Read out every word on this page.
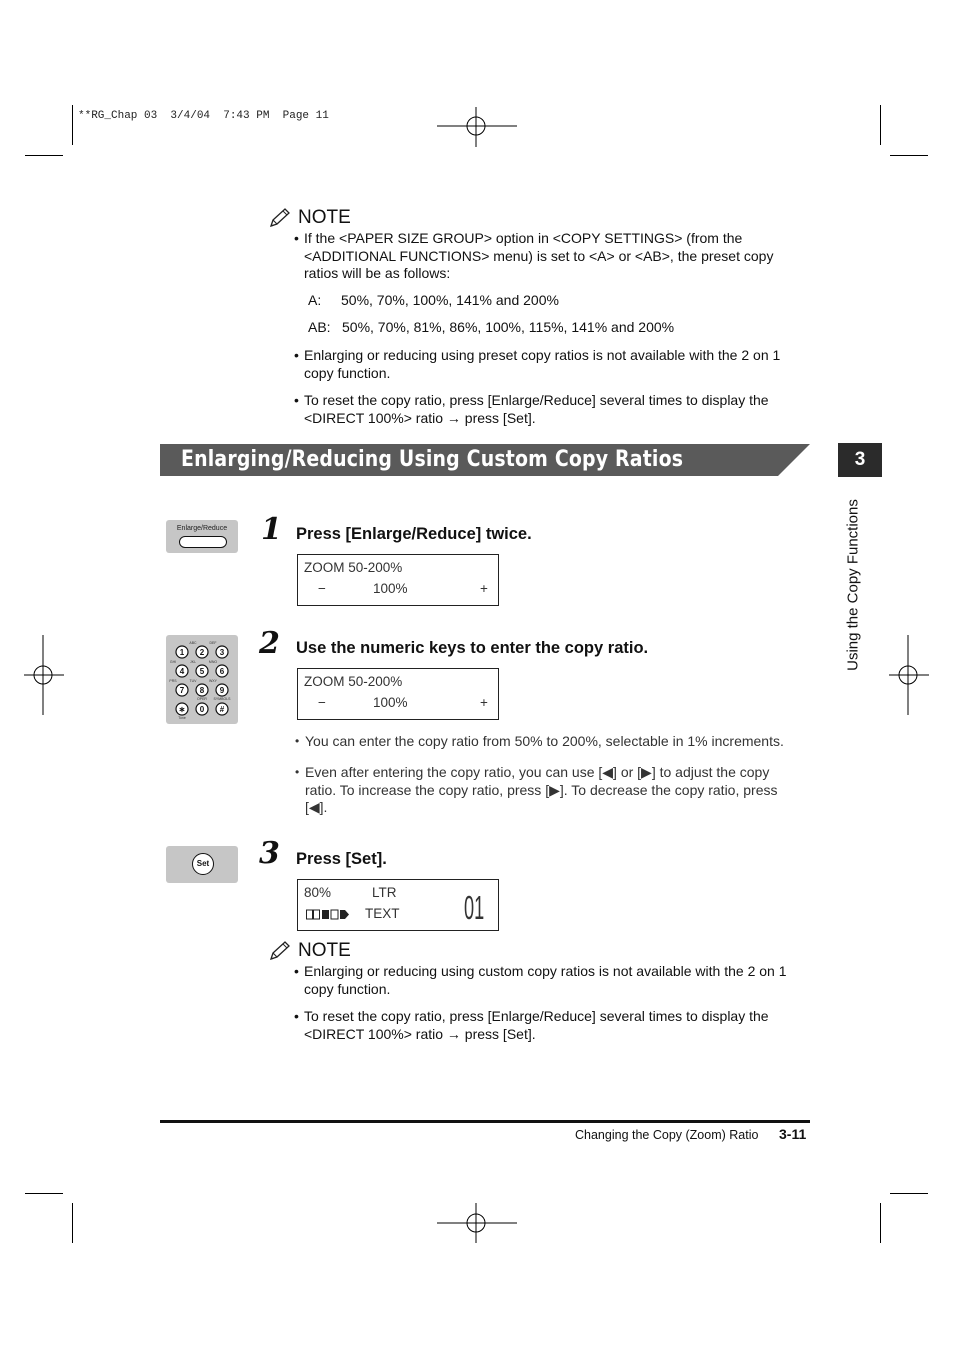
**RG_Chap 03  3/4/04  7:43 PM  Page 11
NOTE
• If the <PAPER SIZE GROUP> option in <COPY SETTINGS> (from the
<ADDITIONAL FUNCTIONS> menu) is set to <A> or <AB>, the preset copy
ratios will be as follows:
A: 50%, 70%, 100%, 141% and 200%
AB: 50%, 70%, 81%, 86%, 100%, 115%, 141% and 200%
• Enlarging or reducing using preset copy ratios is not available with the 2 on 1
copy function.
• To reset the copy ratio, press [Enlarge/Reduce] several times to display the
<DIRECT 100%> ratio → press [Set].
Enlarging/Reducing Using Custom Copy Ratios	3
Using the Copy Functions
Enlarge/Reduce	1 Press [Enlarge/Reduce] twice.
ZOOM 50-200%
−	100%	+
1 2 3
4 5 6
7 8 9
∗ 0 #
ABC	DEF
GHI	JKL	MNO
PRS	TUV	WXY
OPER SYMBOLS
Tone
2 Use the numeric keys to enter the copy ratio.
ZOOM 50-200%
−	100%	+
• You can enter the copy ratio from 50% to 200%, selectable in 1% increments.
• Even after entering the copy ratio, you can use [◀] or [▶] to adjust the copy
ratio. To increase the copy ratio, press [▶]. To decrease the copy ratio, press
[◀].
Set 3 Press [Set].
80%	LTR
TEXT 01
NOTE
• Enlarging or reducing using custom copy ratios is not available with the 2 on 1
copy function.
• To reset the copy ratio, press [Enlarge/Reduce] several times to display the
<DIRECT 100%> ratio → press [Set].
Changing the Copy (Zoom) Ratio 3-11
